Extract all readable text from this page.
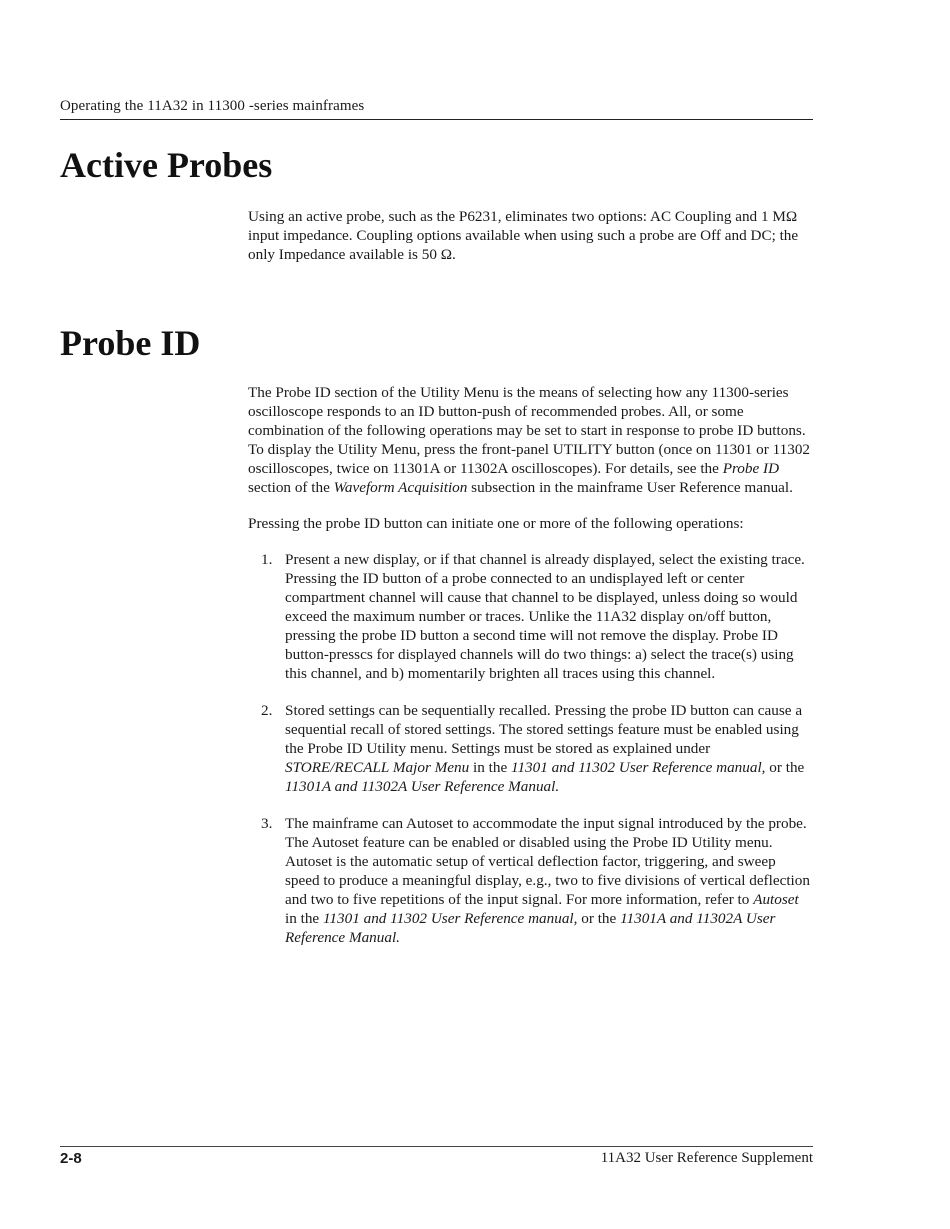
Operating the 11A32 in 11300 -series mainframes
Active Probes

Using an active probe, such as the P6231, eliminates two options: AC Coupling and 1 MΩ input impedance. Coupling options available when using such a probe are Off and DC; the only Impedance available is 50 Ω.

Probe ID

The Probe ID section of the Utility Menu is the means of selecting how any 11300-series oscilloscope responds to an ID button-push of recommended probes. All, or some combination of the following operations may be set to start in response to probe ID buttons. To display the Utility Menu, press the front-panel UTILITY button (once on 11301 or 11302 oscilloscopes, twice on 11301A or 11302A oscilloscopes). For details, see the Probe ID section of the Waveform Acquisition subsection in the mainframe User Reference manual.

Pressing the probe ID button can initiate one or more of the following operations:

1. Present a new display, or if that channel is already displayed, select the existing trace. Pressing the ID button of a probe connected to an undisplayed left or center compartment channel will cause that channel to be displayed, unless doing so would exceed the maximum number or traces. Unlike the 11A32 display on/off button, pressing the probe ID button a second time will not remove the display. Probe ID button-presscs for displayed channels will do two things: a) select the trace(s) using this channel, and b) momentarily brighten all traces using this channel.
2. Stored settings can be sequentially recalled. Pressing the probe ID button can cause a sequential recall of stored settings. The stored settings feature must be enabled using the Probe ID Utility menu. Settings must be stored as explained under STORE/RECALL Major Menu in the 11301 and 11302 User Reference manual, or the 11301A and 11302A User Reference Manual.
3. The mainframe can Autoset to accommodate the input signal introduced by the probe. The Autoset feature can be enabled or disabled using the Probe ID Utility menu. Autoset is the automatic setup of vertical deflection factor, triggering, and sweep speed to produce a meaningful display, e.g., two to five divisions of vertical deflection and two to five repetitions of the input signal. For more information, refer to Autoset in the 11301 and 11302 User Reference manual, or the 11301A and 11302A User Reference Manual.
2-8	11A32 User Reference Supplement
